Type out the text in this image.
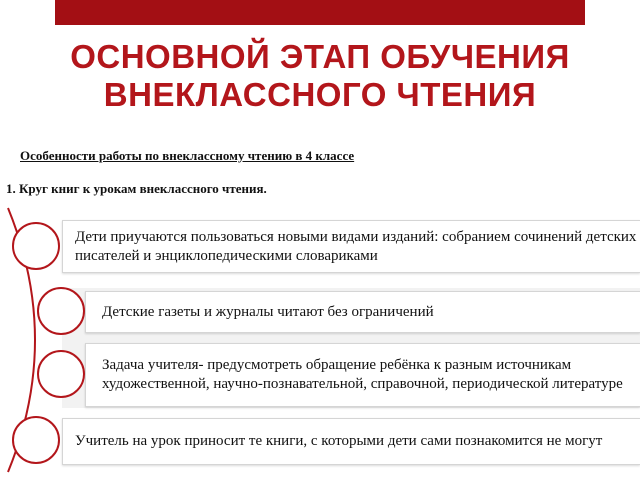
ОСНОВНОЙ ЭТАП ОБУЧЕНИЯ ВНЕКЛАССНОГО ЧТЕНИЯ
Особенности работы по внеклассному чтению в 4 классе
1. Круг книг к урокам внеклассного чтения.
Дети приучаются пользоваться новыми видами изданий: собранием сочинений детских писателей и энциклопедическими словариками
Детские газеты и журналы читают без ограничений
Задача учителя- предусмотреть обращение ребёнка к разным источникам художественной, научно-познавательной, справочной, периодической литературе
Учитель на урок приносит те книги, с которыми дети сами познакомится не могут
